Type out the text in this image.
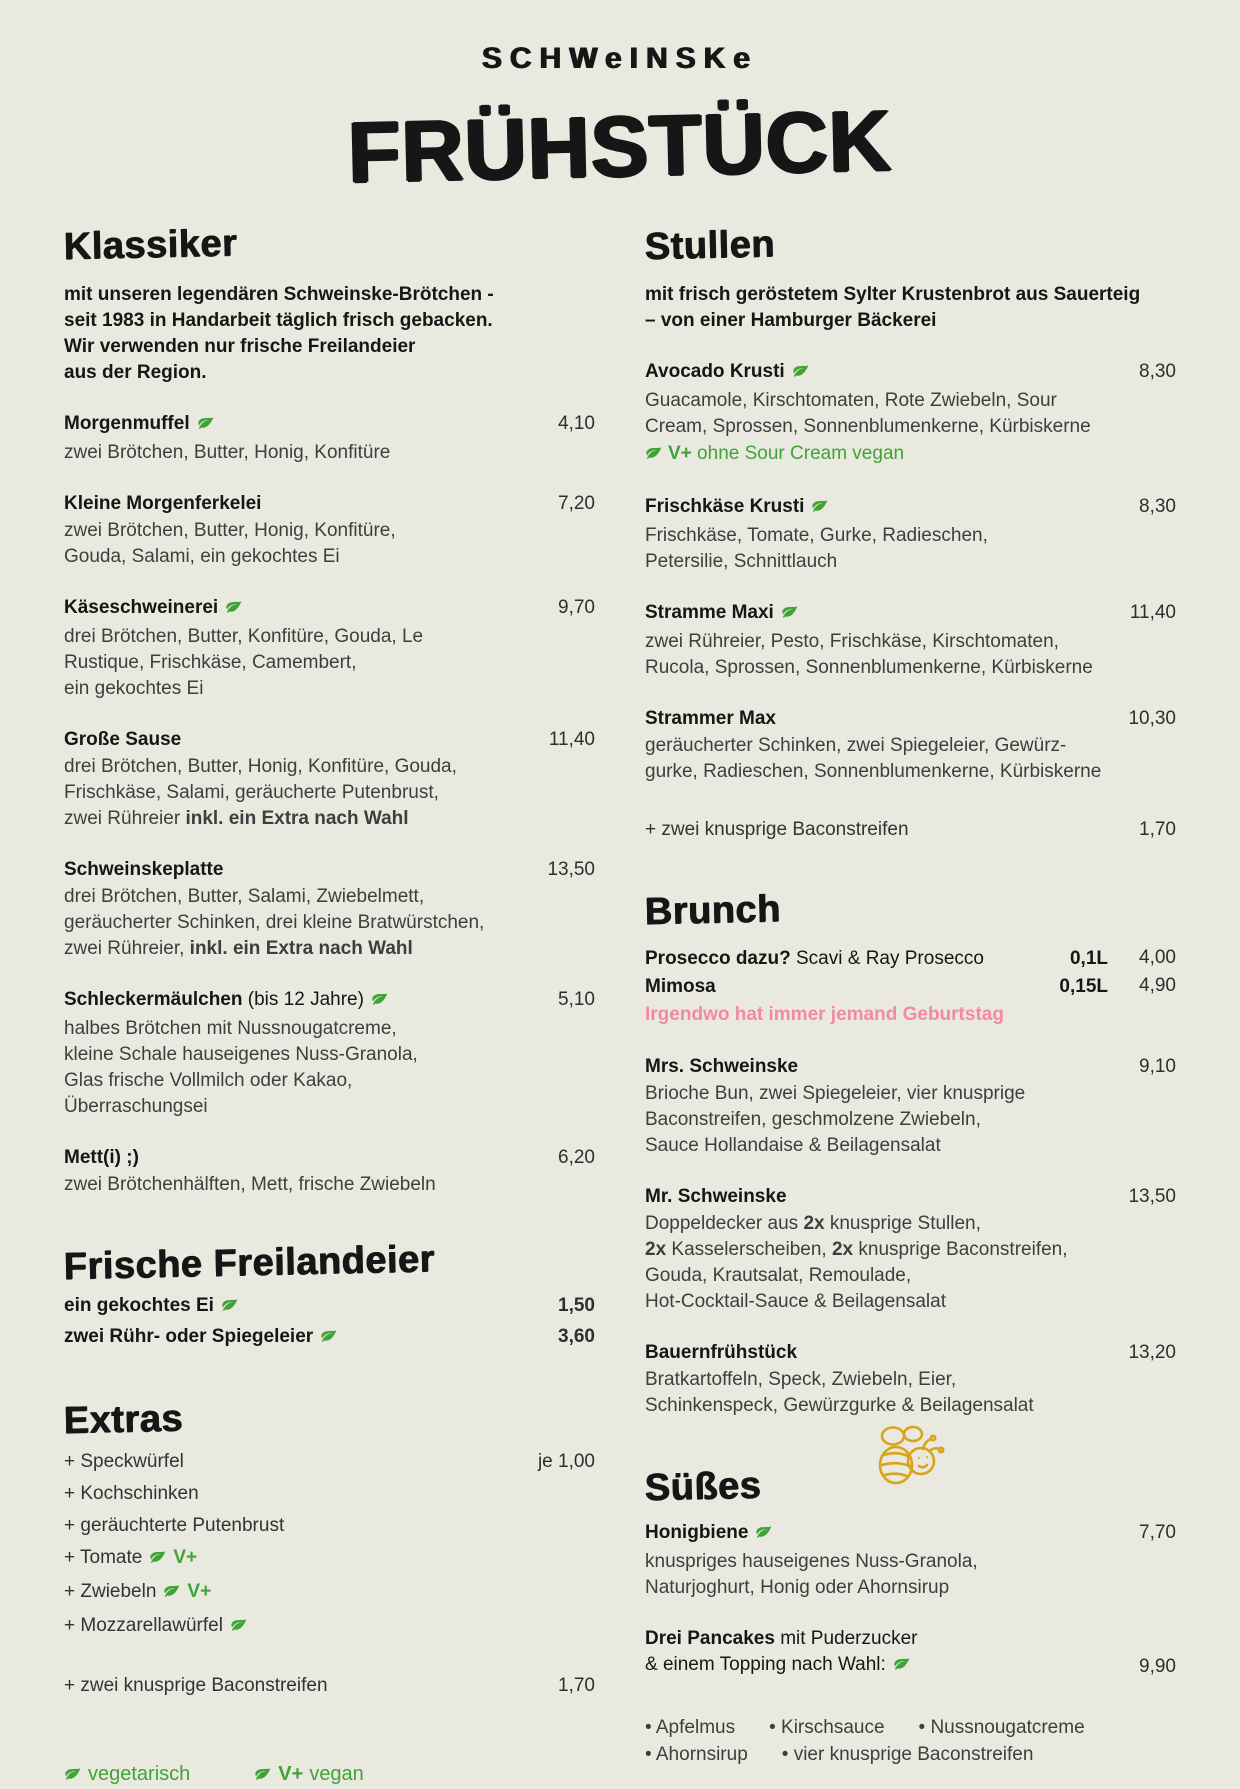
SCHWeINSKe
FRÜHSTÜCK
Klassiker

mit unseren legendären Schweinske-Brötchen -
seit 1983 in Handarbeit täglich frisch gebacken.
Wir verwenden nur frische Freilandeier
aus der Region.

Morgenmuffel	4,10
zwei Brötchen, Butter, Honig, Konfitüre
Kleine Morgenferkelei	7,20
zwei Brötchen, Butter, Honig, Konfitüre,
Gouda, Salami, ein gekochtes Ei
Käseschweinerei	9,70
drei Brötchen, Butter, Konfitüre, Gouda, Le
Rustique, Frischkäse, Camembert,
ein gekochtes Ei
Große Sause	11,40
drei Brötchen, Butter, Honig, Konfitüre, Gouda,
Frischkäse, Salami, geräucherte Putenbrust,
zwei Rühreier inkl. ein Extra nach Wahl
Schweinskeplatte	13,50
drei Brötchen, Butter, Salami, Zwiebelmett,
geräucherter Schinken, drei kleine Bratwürstchen,
zwei Rühreier, inkl. ein Extra nach Wahl
Schleckermäulchen (bis 12 Jahre)	5,10
halbes Brötchen mit Nussnougatcreme,
kleine Schale hauseigenes Nuss-Granola,
Glas frische Vollmilch oder Kakao,
Überraschungsei
Mett(i) ;)	6,20
zwei Brötchenhälften, Mett, frische Zwiebeln
Frische Freilandeier
ein gekochtes Ei	1,50
zwei Rühr- oder Spiegeleier	3,60
Extras
+ Speckwürfel	je 1,00
+ Kochschinken
+ geräuchterte Putenbrust
+ Tomate V+
+ Zwiebeln V+
+ Mozzarellawürfel
+ zwei knusprige Baconstreifen	1,70
vegetarisch	V+ vegan
Stullen

mit frisch geröstetem Sylter Krustenbrot aus Sauerteig
– von einer Hamburger Bäckerei

Avocado Krusti	8,30
Guacamole, Kirschtomaten, Rote Zwiebeln, Sour
Cream, Sprossen, Sonnenblumenkerne, Kürbiskerne
V+ ohne Sour Cream vegan
Frischkäse Krusti	8,30
Frischkäse, Tomate, Gurke, Radieschen,
Petersilie, Schnittlauch
Stramme Maxi	11,40
zwei Rühreier, Pesto, Frischkäse, Kirschtomaten,
Rucola, Sprossen, Sonnenblumenkerne, Kürbiskerne
Strammer Max	10,30
geräucherter Schinken, zwei Spiegeleier, Gewürz-
gurke, Radieschen, Sonnenblumenkerne, Kürbiskerne
+ zwei knusprige Baconstreifen	1,70
Brunch
Prosecco dazu? Scavi & Ray Prosecco	0,1L	4,00
Mimosa	0,15L	4,90
Irgendwo hat immer jemand Geburtstag
Mrs. Schweinske	9,10
Brioche Bun, zwei Spiegeleier, vier knusprige
Baconstreifen, geschmolzene Zwiebeln,
Sauce Hollandaise & Beilagensalat
Mr. Schweinske	13,50
Doppeldecker aus 2x knusprige Stullen,
2x Kasselerscheiben, 2x knusprige Baconstreifen,
Gouda, Krautsalat, Remoulade,
Hot-Cocktail-Sauce & Beilagensalat
Bauernfrühstück	13,20
Bratkartoffeln, Speck, Zwiebeln, Eier,
Schinkenspeck, Gewürzgurke & Beilagensalat
Süßes
Honigbiene	7,70
knuspriges hauseigenes Nuss-Granola,
Naturjoghurt, Honig oder Ahornsirup
Drei Pancakes mit Puderzucker
& einem Topping nach Wahl:	9,90
• Apfelmus • Kirschsauce • Nussnougatcreme
• Ahornsirup • vier knusprige Baconstreifen
